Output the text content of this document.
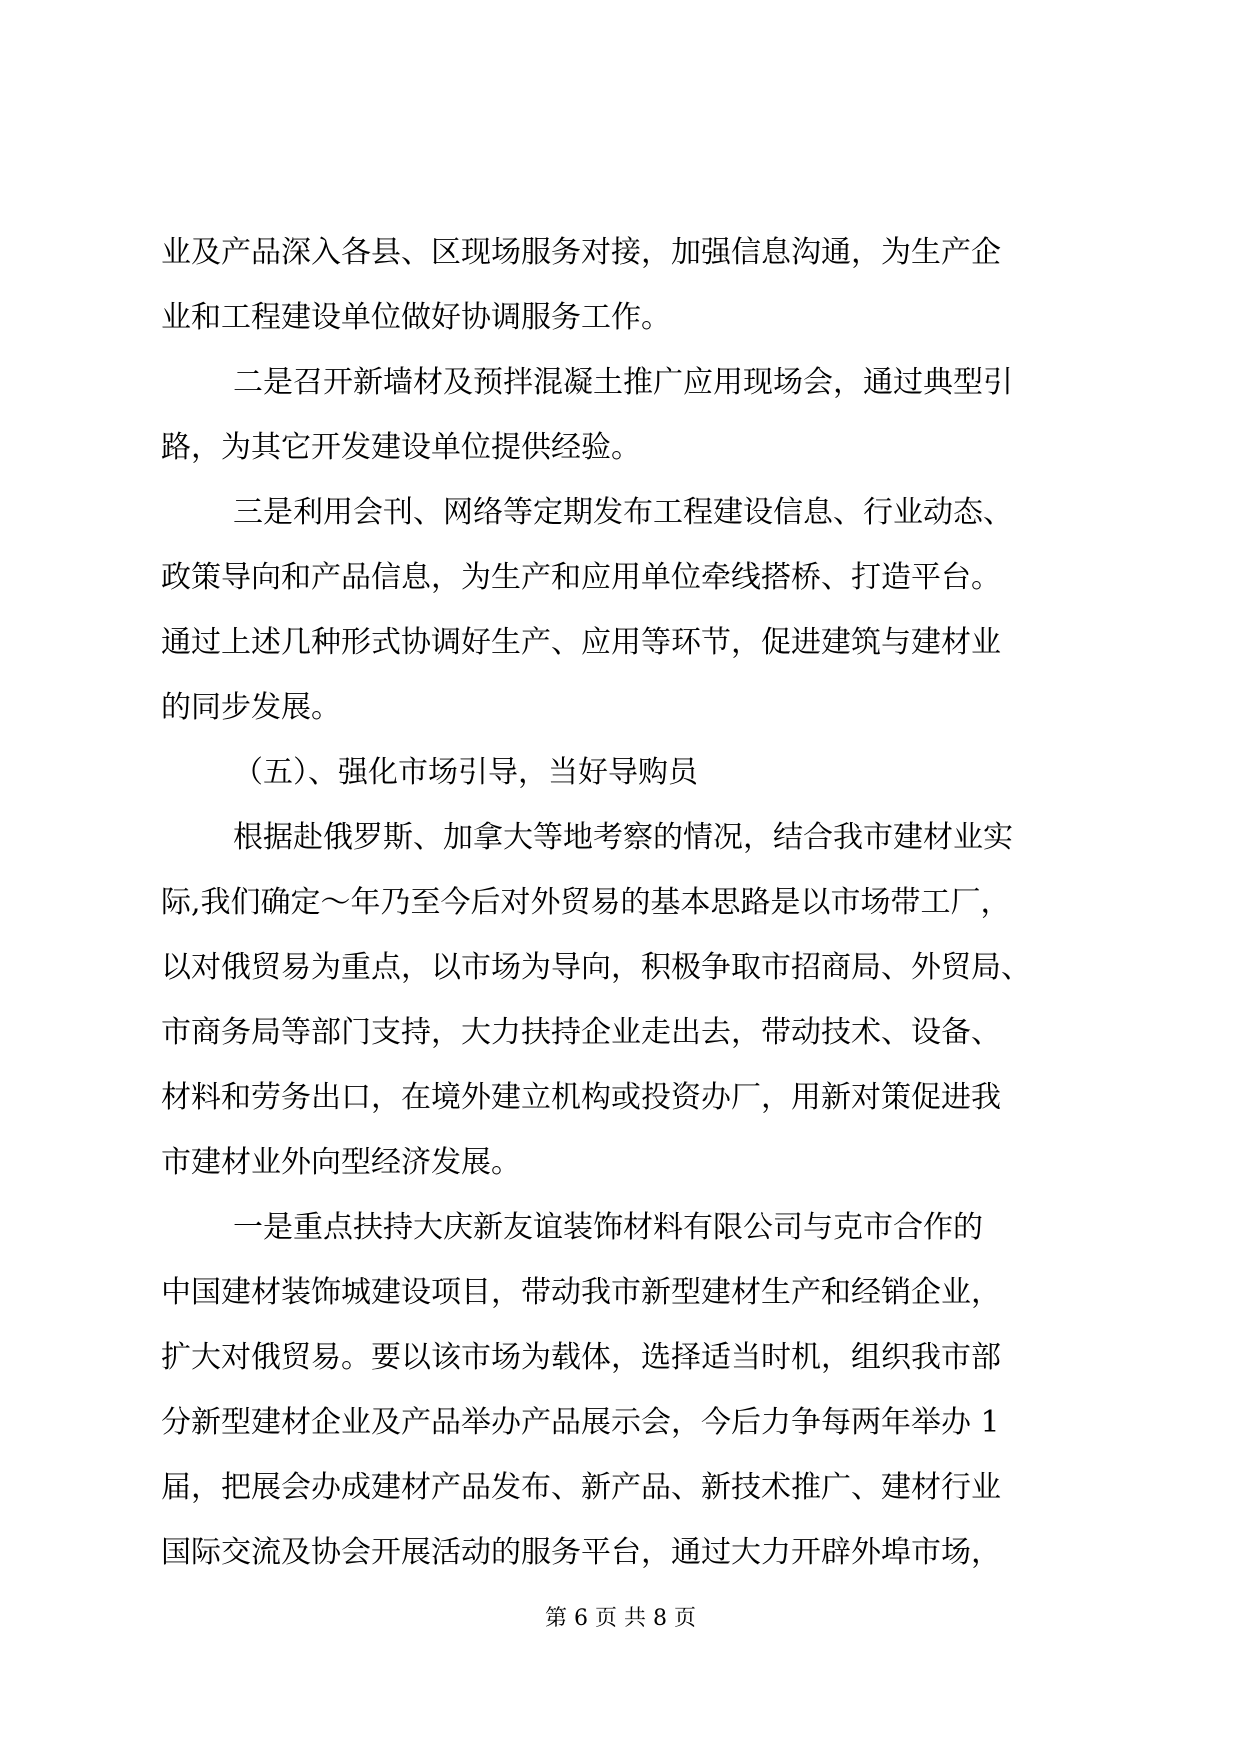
业及产品深入各县、区现场服务对接，加强信息沟通，为生产企
业和工程建设单位做好协调服务工作。
二是召开新墙材及预拌混凝土推广应用现场会，通过典型引
路，为其它开发建设单位提供经验。
三是利用会刊、网络等定期发布工程建设信息、行业动态、
政策导向和产品信息，为生产和应用单位牵线搭桥、打造平台。
通过上述几种形式协调好生产、应用等环节，促进建筑与建材业
的同步发展。
（五）、强化市场引导，当好导购员
根据赴俄罗斯、加拿大等地考察的情况，结合我市建材业实
际,我们确定～年乃至今后对外贸易的基本思路是以市场带工厂，
以对俄贸易为重点，以市场为导向，积极争取市招商局、外贸局、
市商务局等部门支持，大力扶持企业走出去，带动技术、设备、
材料和劳务出口，在境外建立机构或投资办厂，用新对策促进我
市建材业外向型经济发展。
一是重点扶持大庆新友谊装饰材料有限公司与克市合作的
中国建材装饰城建设项目，带动我市新型建材生产和经销企业，
扩大对俄贸易。要以该市场为载体，选择适当时机，组织我市部
分新型建材企业及产品举办产品展示会，今后力争每两年举办 1
届，把展会办成建材产品发布、新产品、新技术推广、建材行业
国际交流及协会开展活动的服务平台，通过大力开辟外埠市场，
第 6 页 共 8 页
